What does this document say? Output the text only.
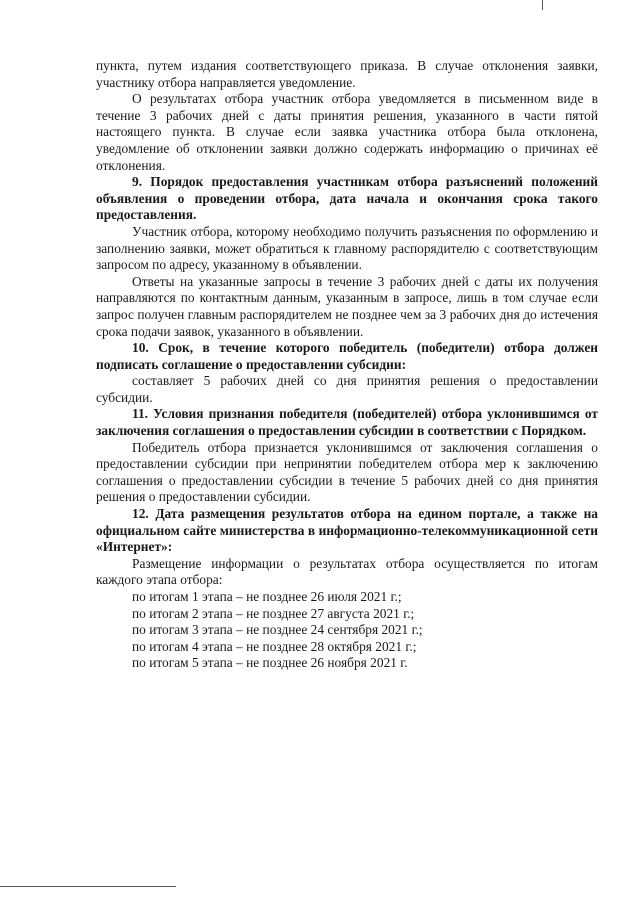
пункта, путем издания соответствующего приказа. В случае отклонения заявки, участнику отбора направляется уведомление.

О результатах отбора участник отбора уведомляется в письменном виде в течение 3 рабочих дней с даты принятия решения, указанного в части пятой настоящего пункта. В случае если заявка участника отбора была отклонена, уведомление об отклонении заявки должно содержать информацию о причинах её отклонения.

9. Порядок предоставления участникам отбора разъяснений положений объявления о проведении отбора, дата начала и окончания срока такого предоставления.

Участник отбора, которому необходимо получить разъяснения по оформлению и заполнению заявки, может обратиться к главному распорядителю с соответствующим запросом по адресу, указанному в объявлении.

Ответы на указанные запросы в течение 3 рабочих дней с даты их получения направляются по контактным данным, указанным в запросе, лишь в том случае если запрос получен главным распорядителем не позднее чем за 3 рабочих дня до истечения срока подачи заявок, указанного в объявлении.

10. Срок, в течение которого победитель (победители) отбора должен подписать соглашение о предоставлении субсидии:

составляет 5 рабочих дней со дня принятия решения о предоставлении субсидии.

11. Условия признания победителя (победителей) отбора уклонившимся от заключения соглашения о предоставлении субсидии в соответствии с Порядком.

Победитель отбора признается уклонившимся от заключения соглашения о предоставлении субсидии при непринятии победителем отбора мер к заключению соглашения о предоставлении субсидии в течение 5 рабочих дней со дня принятия решения о предоставлении субсидии.

12. Дата размещения результатов отбора на едином портале, а также на официальном сайте министерства в информационно-телекоммуникационной сети «Интернет»:

Размещение информации о результатах отбора осуществляется по итогам каждого этапа отбора:

по итогам 1 этапа – не позднее 26 июля 2021 г.;
по итогам 2 этапа – не позднее 27 августа 2021 г.;
по итогам 3 этапа – не позднее 24 сентября 2021 г.;
по итогам 4 этапа – не позднее 28 октября 2021 г.;
по итогам 5 этапа – не позднее 26 ноября 2021 г.
